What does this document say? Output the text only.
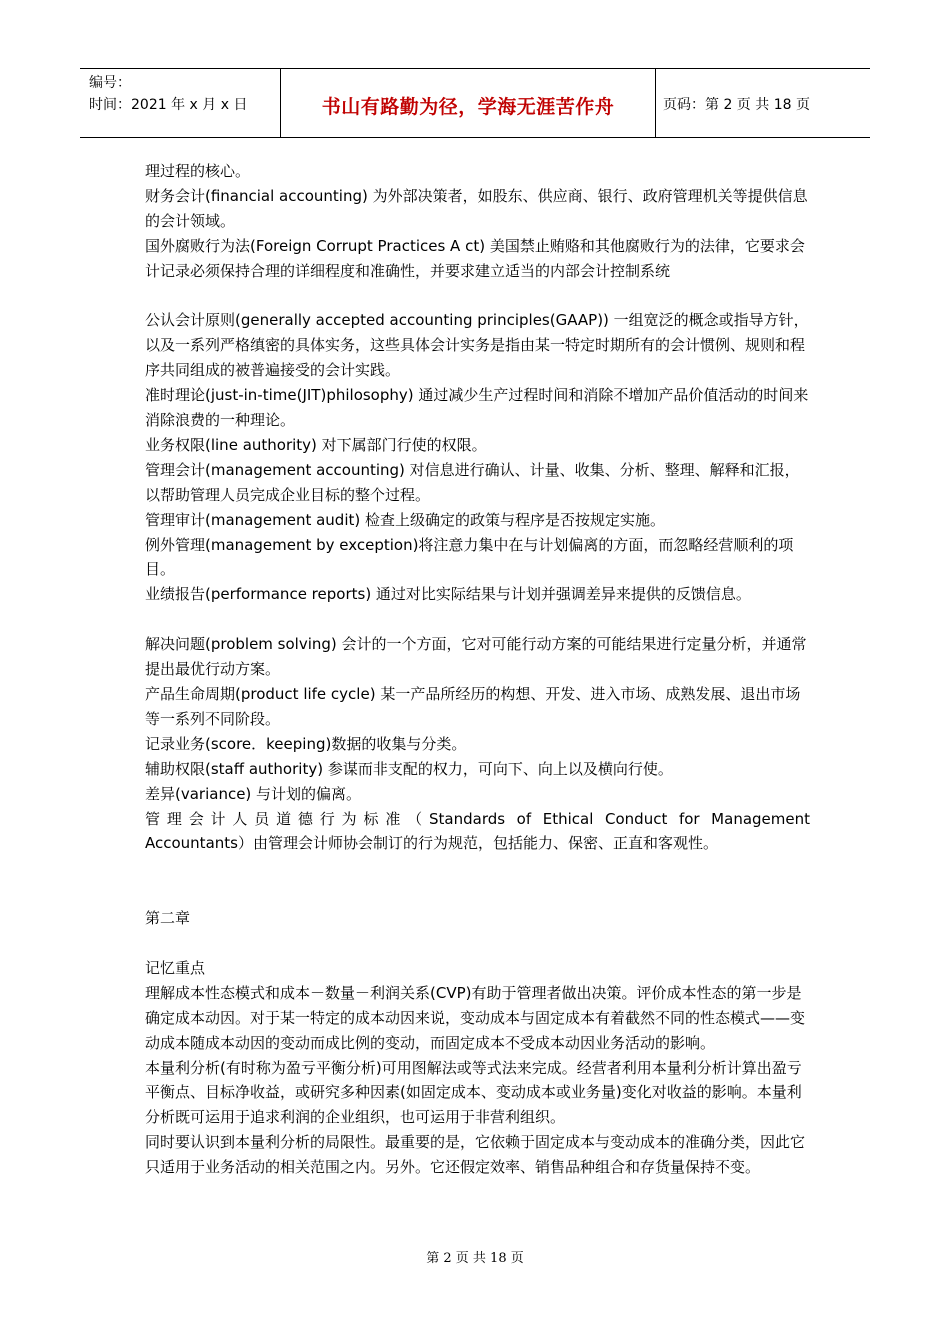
编号：
时间：2021 年 x 月 x 日	书山有路勤为径，学海无涯苦作舟	页码：第 2 页 共 18 页

理过程的核心。

财务会计(financial accounting) 为外部决策者，如股东、供应商、银行、政府管理机关等提供信息的会计领域。

国外腐败行为法(Foreign Corrupt Practices A ct) 美国禁止贿赂和其他腐败行为的法律，它要求会计记录必须保持合理的详细程度和准确性，并要求建立适当的内部会计控制系统

公认会计原则(generally accepted accounting principles(GAAP)) 一组宽泛的概念或指导方针，以及一系列严格缜密的具体实务，这些具体会计实务是指由某一特定时期所有的会计惯例、规则和程序共同组成的被普遍接受的会计实践。

准时理论(just-in-time(JIT)philosophy) 通过减少生产过程时间和消除不增加产品价值活动的时间来消除浪费的一种理论。

业务权限(line authority) 对下属部门行使的权限。

管理会计(management accounting) 对信息进行确认、计量、收集、分析、整理、解释和汇报，以帮助管理人员完成企业目标的整个过程。

管理审计(management audit) 检查上级确定的政策与程序是否按规定实施。

例外管理(management by exception)将注意力集中在与计划偏离的方面，而忽略经营顺利的项目。

业绩报告(performance reports) 通过对比实际结果与计划并强调差异来提供的反馈信息。

解决问题(problem solving) 会计的一个方面，它对可能行动方案的可能结果进行定量分析，并通常提出最优行动方案。

产品生命周期(product life cycle) 某一产品所经历的构想、开发、进入市场、成熟发展、退出市场等一系列不同阶段。

记录业务(score．keeping)数据的收集与分类。

辅助权限(staff authority) 参谋而非支配的权力，可向下、向上以及横向行使。

差异(variance) 与计划的偏离。

管理会计人员道德行为标准（Standards of Ethical Conduct for Management

Accountants）由管理会计师协会制订的行为规范，包括能力、保密、正直和客观性。

第二章

记忆重点

理解成本性态模式和成本－数量－利润关系(CVP)有助于管理者做出决策。评价成本性态的第一步是确定成本动因。对于某一特定的成本动因来说，变动成本与固定成本有着截然不同的性态模式——变动成本随成本动因的变动而成比例的变动，而固定成本不受成本动因业务活动的影响。

本量利分析(有时称为盈亏平衡分析)可用图解法或等式法来完成。经营者利用本量利分析计算出盈亏平衡点、目标净收益，或研究多种因素(如固定成本、变动成本或业务量)变化对收益的影响。本量利分析既可运用于追求利润的企业组织，也可运用于非营利组织。

同时要认识到本量利分析的局限性。最重要的是，它依赖于固定成本与变动成本的准确分类，因此它只适用于业务活动的相关范围之内。另外。它还假定效率、销售品种组合和存货量保持不变。

第 2 页 共 18 页
